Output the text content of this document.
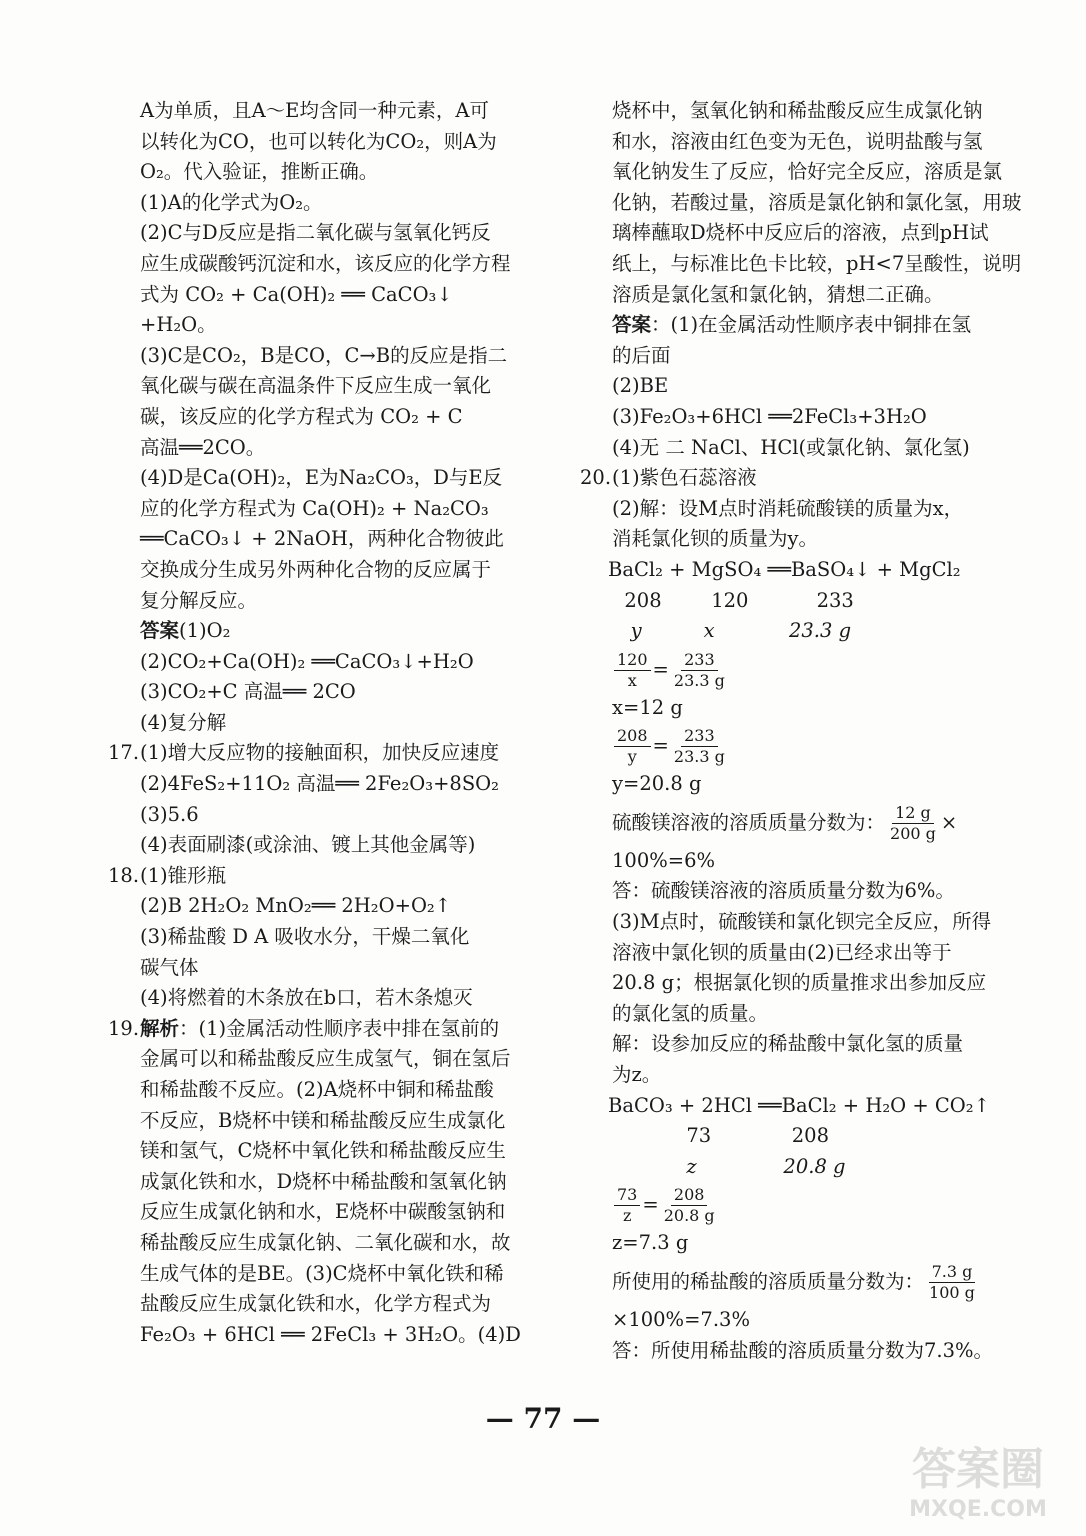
A为单质，且A～E均含同一种元素，A可
以转化为CO，也可以转化为CO₂，则A为
O₂。代入验证，推断正确。
(1)A的化学式为O₂。
(2)C与D反应是指二氧化碳与氢氧化钙反
应生成碳酸钙沉淀和水，该反应的化学方程
式为 CO₂ + Ca(OH)₂ ══ CaCO₃↓
+H₂O。
(3)C是CO₂，B是CO，C→B的反应是指二
氧化碳与碳在高温条件下反应生成一氧化
碳，该反应的化学方程式为 CO₂ + C
高温══2CO。
(4)D是Ca(OH)₂，E为Na₂CO₃，D与E反
应的化学方程式为 Ca(OH)₂ + Na₂CO₃
══CaCO₃↓ + 2NaOH，两种化合物彼此
交换成分生成另外两种化合物的反应属于
复分解反应。
答案(1)O₂
(2)CO₂+Ca(OH)₂ ══CaCO₃↓+H₂O
(3)CO₂+C 高温══ 2CO
(4)复分解
17.(1)增大反应物的接触面积，加快反应速度
(2)4FeS₂+11O₂ 高温══ 2Fe₂O₃+8SO₂
(3)5.6
(4)表面刷漆(或涂油、镀上其他金属等)
18.(1)锥形瓶
(2)B 2H₂O₂ MnO₂══ 2H₂O+O₂↑
(3)稀盐酸 D A 吸收水分，干燥二氧化
碳气体
(4)将燃着的木条放在b口，若木条熄灭
19.解析：(1)金属活动性顺序表中排在氢前的
金属可以和稀盐酸反应生成氢气，铜在氢后
和稀盐酸不反应。(2)A烧杯中铜和稀盐酸
不反应，B烧杯中镁和稀盐酸反应生成氯化
镁和氢气，C烧杯中氧化铁和稀盐酸反应生
成氯化铁和水，D烧杯中稀盐酸和氢氧化钠
反应生成氯化钠和水，E烧杯中碳酸氢钠和
稀盐酸反应生成氯化钠、二氧化碳和水，故
生成气体的是BE。(3)C烧杯中氧化铁和稀
盐酸反应生成氯化铁和水，化学方程式为
Fe₂O₃ + 6HCl ══ 2FeCl₃ + 3H₂O。(4)D
烧杯中，氢氧化钠和稀盐酸反应生成氯化钠
和水，溶液由红色变为无色，说明盐酸与氢
氧化钠发生了反应，恰好完全反应，溶质是氯
化钠，若酸过量，溶质是氯化钠和氯化氢，用玻
璃棒蘸取D烧杯中反应后的溶液，点到pH试
纸上，与标准比色卡比较，pH<7呈酸性，说明
溶质是氯化氢和氯化钠，猜想二正确。
答案：(1)在金属活动性顺序表中铜排在氢
的后面
(2)BE
(3)Fe₂O₃+6HCl ══2FeCl₃+3H₂O
(4)无 二 NaCl、HCl(或氯化钠、氯化氢)
20.(1)紫色石蕊溶液
(2)解：设M点时消耗硫酸镁的质量为x，
消耗氯化钡的质量为y。
BaCl₂ + MgSO₄ ══BaSO₄↓ + MgCl₂
208        120           233
y          x            23.3 g
$\frac{120}{x} = \frac{233}{23.3 g}$
x=12 g
$\frac{208}{y} = \frac{233}{23.3 g}$
y=20.8 g
硫酸镁溶液的溶质质量分数为： $\frac{12 g}{200 g}$ ×
100%=6%
答：硫酸镁溶液的溶质质量分数为6%。
(3)M点时，硫酸镁和氯化钡完全反应，所得
溶液中氯化钡的质量由(2)已经求出等于
20.8 g；根据氯化钡的质量推求出参加反应
的氯化氢的质量。
解：设参加反应的稀盐酸中氯化氢的质量
为z。
BaCO₃ + 2HCl ══BaCl₂ + H₂O + CO₂↑
73             208
z              20.8 g
$\frac{73}{z} = \frac{208}{20.8 g}$
z=7.3 g
所使用的稀盐酸的溶质质量分数为： $\frac{7.3 g}{100 g}$
×100%=7.3%
答：所使用稀盐酸的溶质质量分数为7.3%。
— 77 —
答案圈
MXQE.COM
